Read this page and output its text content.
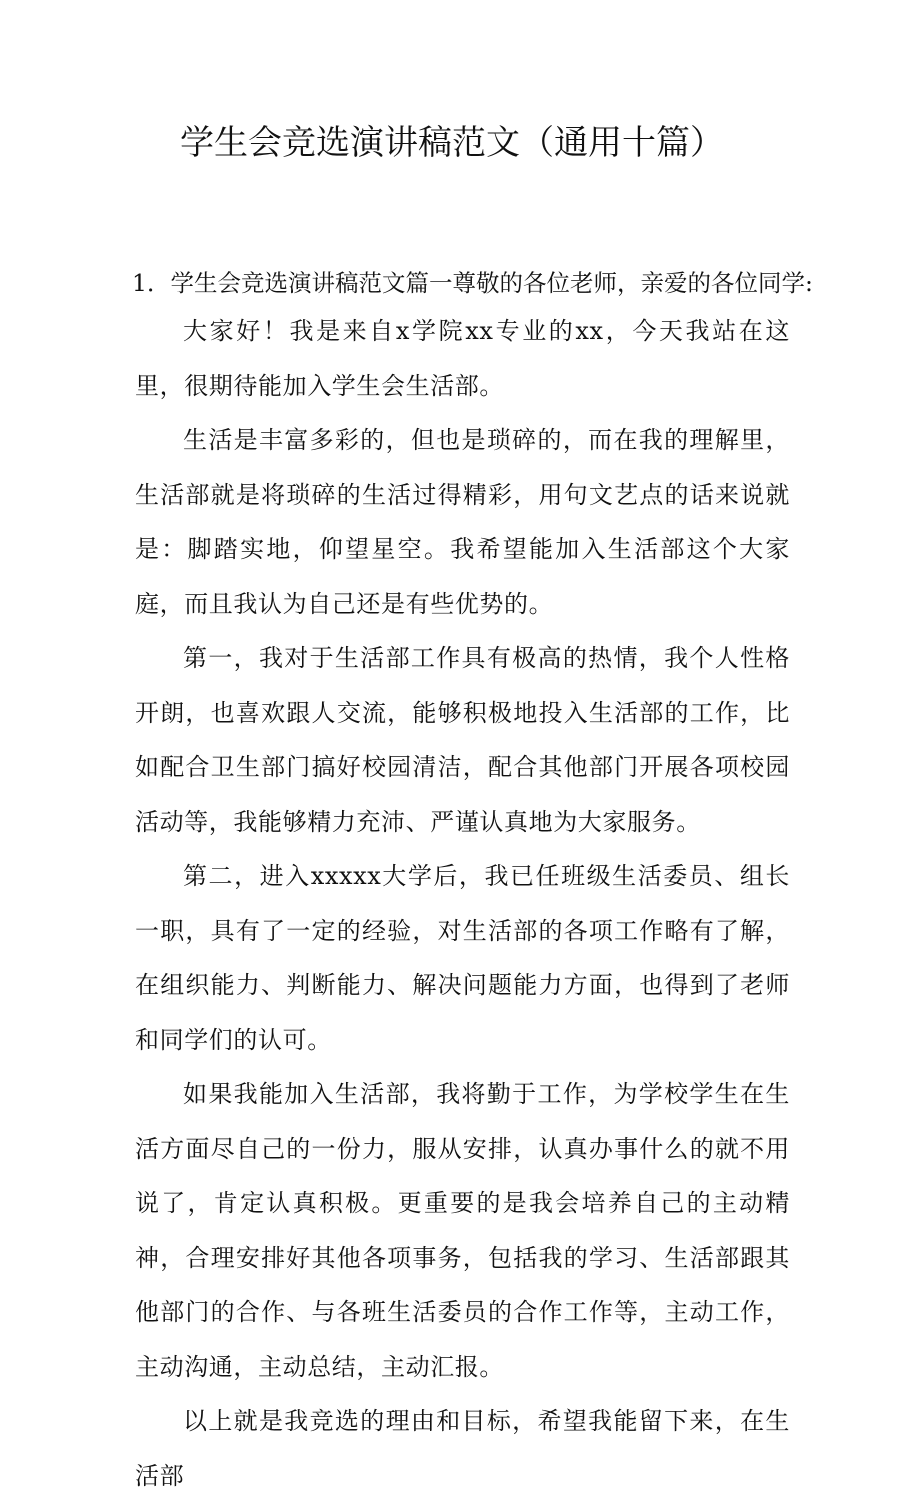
学生会竞选演讲稿范文（通用十篇）
1．学生会竞选演讲稿范文篇一尊敬的各位老师，亲爱的各位同学:

大家好！我是来自x学院xx专业的xx，今天我站在这里，很期待能加入学生会生活部。

生活是丰富多彩的，但也是琐碎的，而在我的理解里，生活部就是将琐碎的生活过得精彩，用句文艺点的话来说就是：脚踏实地，仰望星空。我希望能加入生活部这个大家庭，而且我认为自己还是有些优势的。

第一，我对于生活部工作具有极高的热情，我个人性格开朗，也喜欢跟人交流，能够积极地投入生活部的工作，比如配合卫生部门搞好校园清洁，配合其他部门开展各项校园活动等，我能够精力充沛、严谨认真地为大家服务。

第二，进入xxxxx大学后，我已任班级生活委员、组长一职，具有了一定的经验，对生活部的各项工作略有了解，在组织能力、判断能力、解决问题能力方面，也得到了老师和同学们的认可。

如果我能加入生活部，我将勤于工作，为学校学生在生活方面尽自己的一份力，服从安排，认真办事什么的就不用说了，肯定认真积极。更重要的是我会培养自己的主动精神，合理安排好其他各项事务，包括我的学习、生活部跟其他部门的合作、与各班生活委员的合作工作等，主动工作，主动沟通，主动总结，主动汇报。

以上就是我竞选的理由和目标，希望我能留下来，在生活部
